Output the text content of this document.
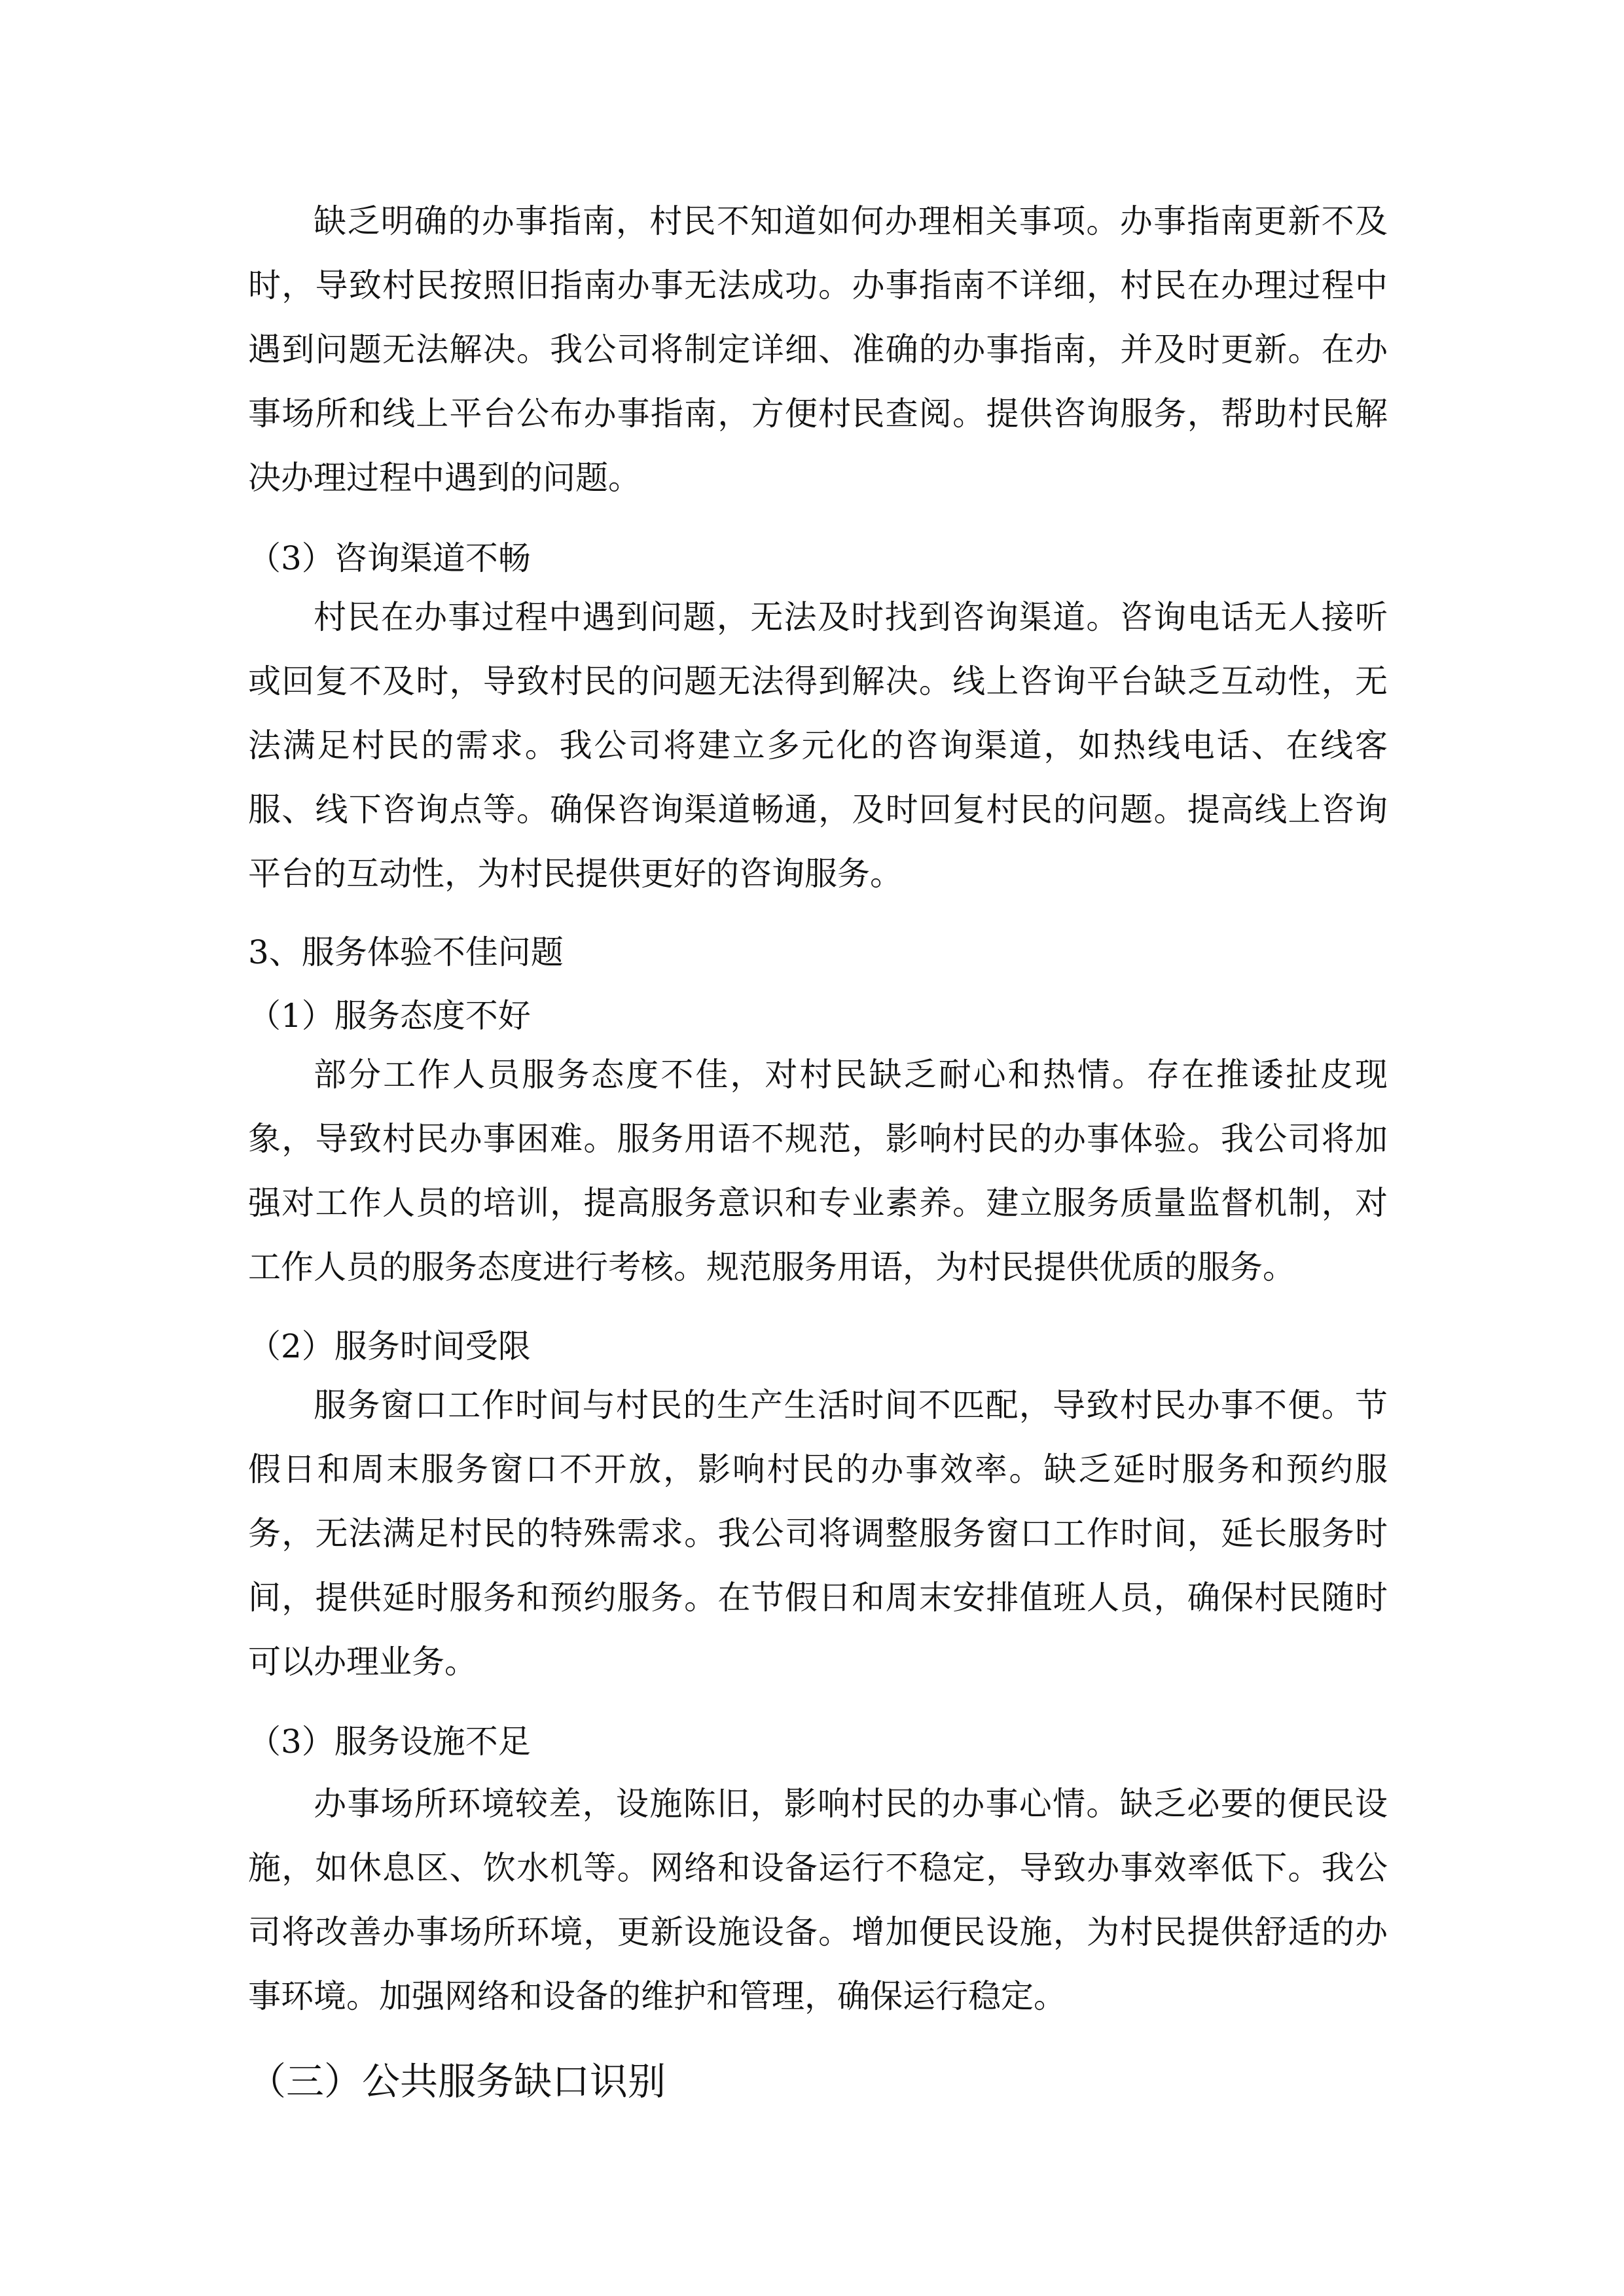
缺乏明确的办事指南，村民不知道如何办理相关事项。办事指南更新不及
时，导致村民按照旧指南办事无法成功。办事指南不详细，村民在办理过程中
遇到问题无法解决。我公司将制定详细、准确的办事指南，并及时更新。在办
事场所和线上平台公布办事指南，方便村民查阅。提供咨询服务，帮助村民解
决办理过程中遇到的问题。
（3）咨询渠道不畅
村民在办事过程中遇到问题，无法及时找到咨询渠道。咨询电话无人接听
或回复不及时，导致村民的问题无法得到解决。线上咨询平台缺乏互动性，无
法满足村民的需求。我公司将建立多元化的咨询渠道，如热线电话、在线客
服、线下咨询点等。确保咨询渠道畅通，及时回复村民的问题。提高线上咨询
平台的互动性，为村民提供更好的咨询服务。
3、服务体验不佳问题
（1）服务态度不好
部分工作人员服务态度不佳，对村民缺乏耐心和热情。存在推诿扯皮现
象，导致村民办事困难。服务用语不规范，影响村民的办事体验。我公司将加
强对工作人员的培训，提高服务意识和专业素养。建立服务质量监督机制，对
工作人员的服务态度进行考核。规范服务用语，为村民提供优质的服务。
（2）服务时间受限
服务窗口工作时间与村民的生产生活时间不匹配，导致村民办事不便。节
假日和周末服务窗口不开放，影响村民的办事效率。缺乏延时服务和预约服
务，无法满足村民的特殊需求。我公司将调整服务窗口工作时间，延长服务时
间，提供延时服务和预约服务。在节假日和周末安排值班人员，确保村民随时
可以办理业务。
（3）服务设施不足
办事场所环境较差，设施陈旧，影响村民的办事心情。缺乏必要的便民设
施，如休息区、饮水机等。网络和设备运行不稳定，导致办事效率低下。我公
司将改善办事场所环境，更新设施设备。增加便民设施，为村民提供舒适的办
事环境。加强网络和设备的维护和管理，确保运行稳定。
（三）公共服务缺口识别
